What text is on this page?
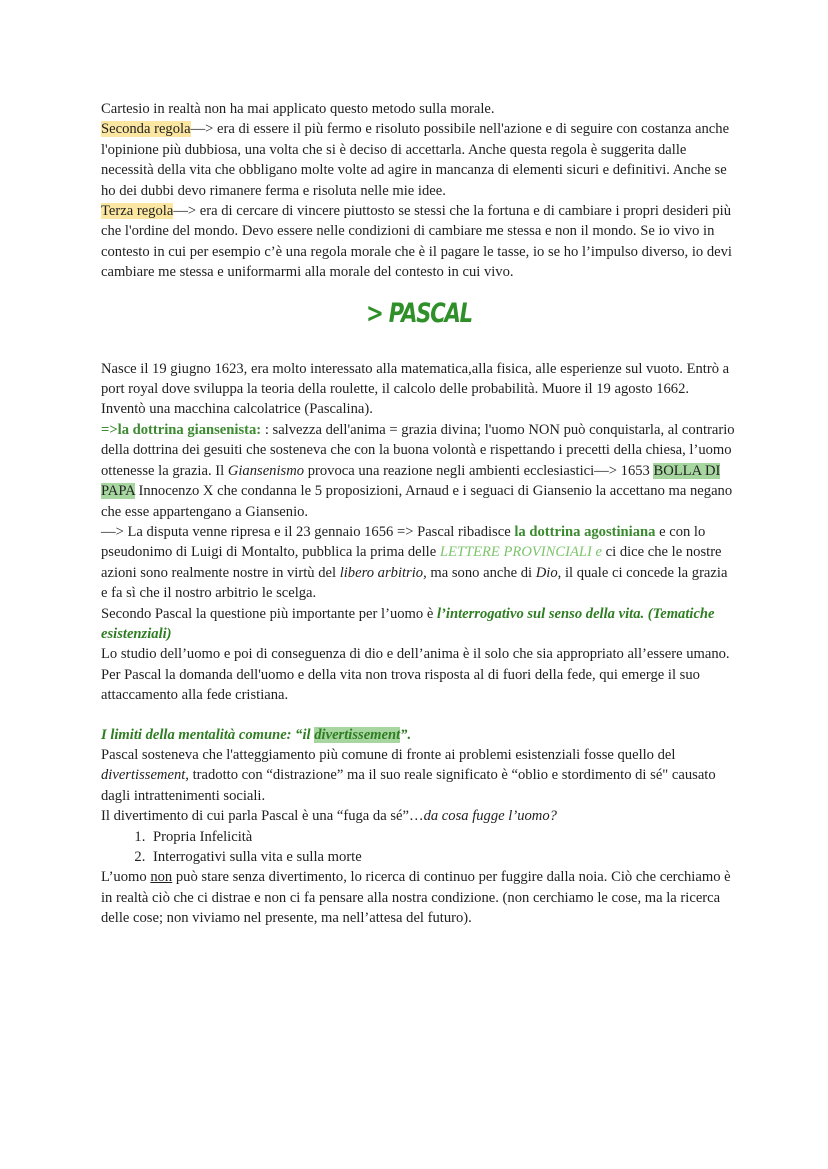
Cartesio in realtà non ha mai applicato questo metodo sulla morale.

Seconda regola—> era di essere il più fermo e risoluto possibile nell'azione e di seguire con costanza anche l'opinione più dubbiosa, una volta che si è deciso di accettarla. Anche questa regola è suggerita dalle necessità della vita che obbligano molte volte ad agire in mancanza di elementi sicuri e definitivi. Anche se ho dei dubbi devo rimanere ferma e risoluta nelle mie idee.

Terza regola—> era di cercare di vincere piuttosto se stessi che la fortuna e di cambiare i propri desideri più che l'ordine del mondo. Devo essere nelle condizioni di cambiare me stessa e non il mondo. Se io vivo in contesto in cui per esempio c’è una regola morale che è il pagare le tasse, io se ho l’impulso diverso, io devi cambiare me stessa e uniformarmi alla morale del contesto in cui vivo.

> PASCAL

Nasce il 19 giugno 1623, era molto interessato alla matematica,alla fisica, alle esperienze sul vuoto. Entrò a port royal dove sviluppa la teoria della roulette, il calcolo delle probabilità. Muore il 19 agosto 1662. Inventò una macchina calcolatrice (Pascalina).

=>la dottrina giansenista: : salvezza dell'anima = grazia divina; l'uomo NON può conquistarla, al contrario della dottrina dei gesuiti che sosteneva che con la buona volontà e rispettando i precetti della chiesa, l’uomo ottenesse la grazia. Il Giansenismo provoca una reazione negli ambienti ecclesiastici—> 1653 BOLLA DI PAPA Innocenzo X che condanna le 5 proposizioni, Arnaud e i seguaci di Giansenio la accettano ma negano che esse appartengano a Giansenio.

—> La disputa venne ripresa e il 23 gennaio 1656 => Pascal ribadisce la dottrina agostiniana e con lo pseudonimo di Luigi di Montalto, pubblica la prima delle LETTERE PROVINCIALI e ci dice che le nostre azioni sono realmente nostre in virtù del libero arbitrio, ma sono anche di Dio, il quale ci concede la grazia e fa sì che il nostro arbitrio le scelga.

Secondo Pascal la questione più importante per l’uomo è l’interrogativo sul senso della vita. (Tematiche esistenziali)

Lo studio dell’uomo e poi di conseguenza di dio e dell’anima è il solo che sia appropriato all’essere umano.

Per Pascal la domanda dell'uomo e della vita non trova risposta al di fuori della fede, qui emerge il suo attaccamento alla fede cristiana.

I limiti della mentalità comune: “il divertissement”.

Pascal sosteneva che l'atteggiamento più comune di fronte ai problemi esistenziali fosse quello del divertissement, tradotto con “distrazione” ma il suo reale significato è “oblio e stordimento di sé" causato dagli intrattenimenti sociali.

Il divertimento di cui parla Pascal è una “fuga da sé”…da cosa fugge l’uomo?

1. Propria Infelicità
2. Interrogativi sulla vita e sulla morte

L’uomo non può stare senza divertimento, lo ricerca di continuo per fuggire dalla noia. Ciò che cerchiamo è in realtà ciò che ci distrae e non ci fa pensare alla nostra condizione. (non cerchiamo le cose, ma la ricerca delle cose; non viviamo nel presente, ma nell’attesa del futuro).
